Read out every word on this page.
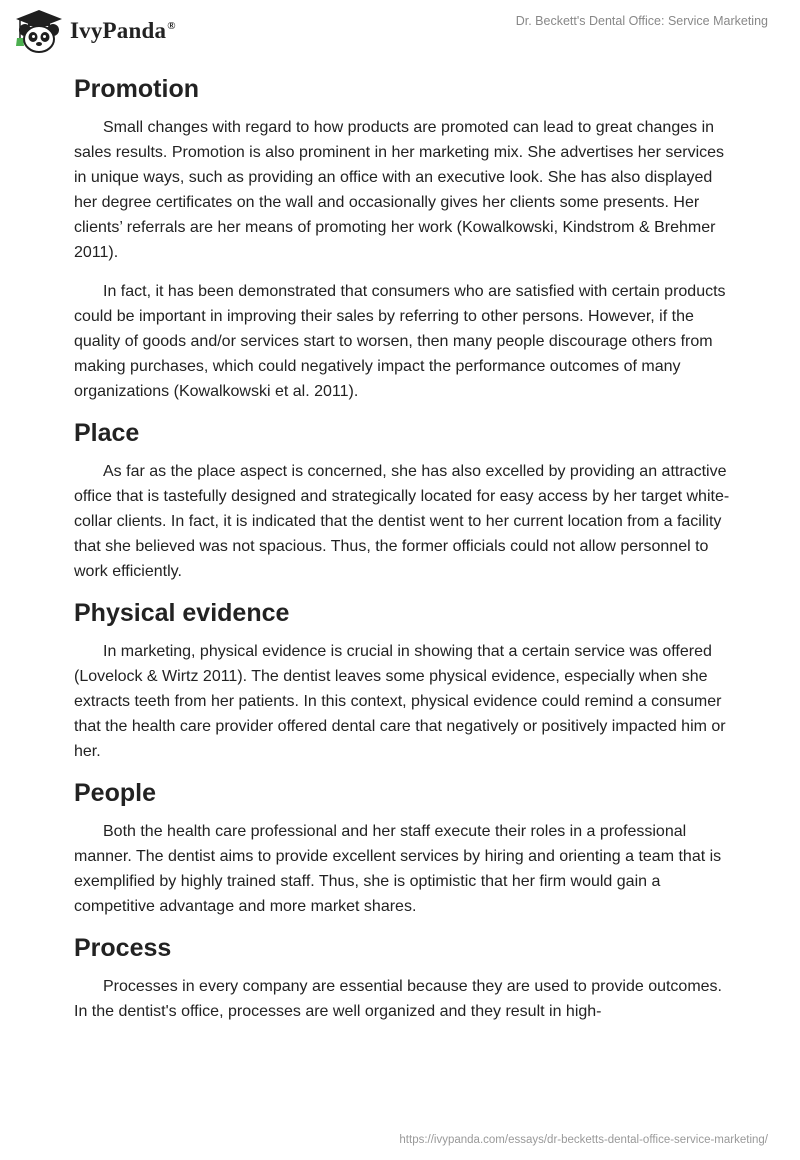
IvyPanda®	Dr. Beckett's Dental Office: Service Marketing
Promotion

Small changes with regard to how products are promoted can lead to great changes in sales results. Promotion is also prominent in her marketing mix. She advertises her services in unique ways, such as providing an office with an executive look. She has also displayed her degree certificates on the wall and occasionally gives her clients some presents. Her clients’ referrals are her means of promoting her work (Kowalkowski, Kindstrom & Brehmer 2011).

In fact, it has been demonstrated that consumers who are satisfied with certain products could be important in improving their sales by referring to other persons. However, if the quality of goods and/or services start to worsen, then many people discourage others from making purchases, which could negatively impact the performance outcomes of many organizations (Kowalkowski et al. 2011).

Place

As far as the place aspect is concerned, she has also excelled by providing an attractive office that is tastefully designed and strategically located for easy access by her target white-collar clients. In fact, it is indicated that the dentist went to her current location from a facility that she believed was not spacious. Thus, the former officials could not allow personnel to work efficiently.

Physical evidence

In marketing, physical evidence is crucial in showing that a certain service was offered (Lovelock & Wirtz 2011). The dentist leaves some physical evidence, especially when she extracts teeth from her patients. In this context, physical evidence could remind a consumer that the health care provider offered dental care that negatively or positively impacted him or her.

People

Both the health care professional and her staff execute their roles in a professional manner. The dentist aims to provide excellent services by hiring and orienting a team that is exemplified by highly trained staff. Thus, she is optimistic that her firm would gain a competitive advantage and more market shares.

Process

Processes in every company are essential because they are used to provide outcomes. In the dentist's office, processes are well organized and they result in high-

https://ivypanda.com/essays/dr-becketts-dental-office-service-marketing/
